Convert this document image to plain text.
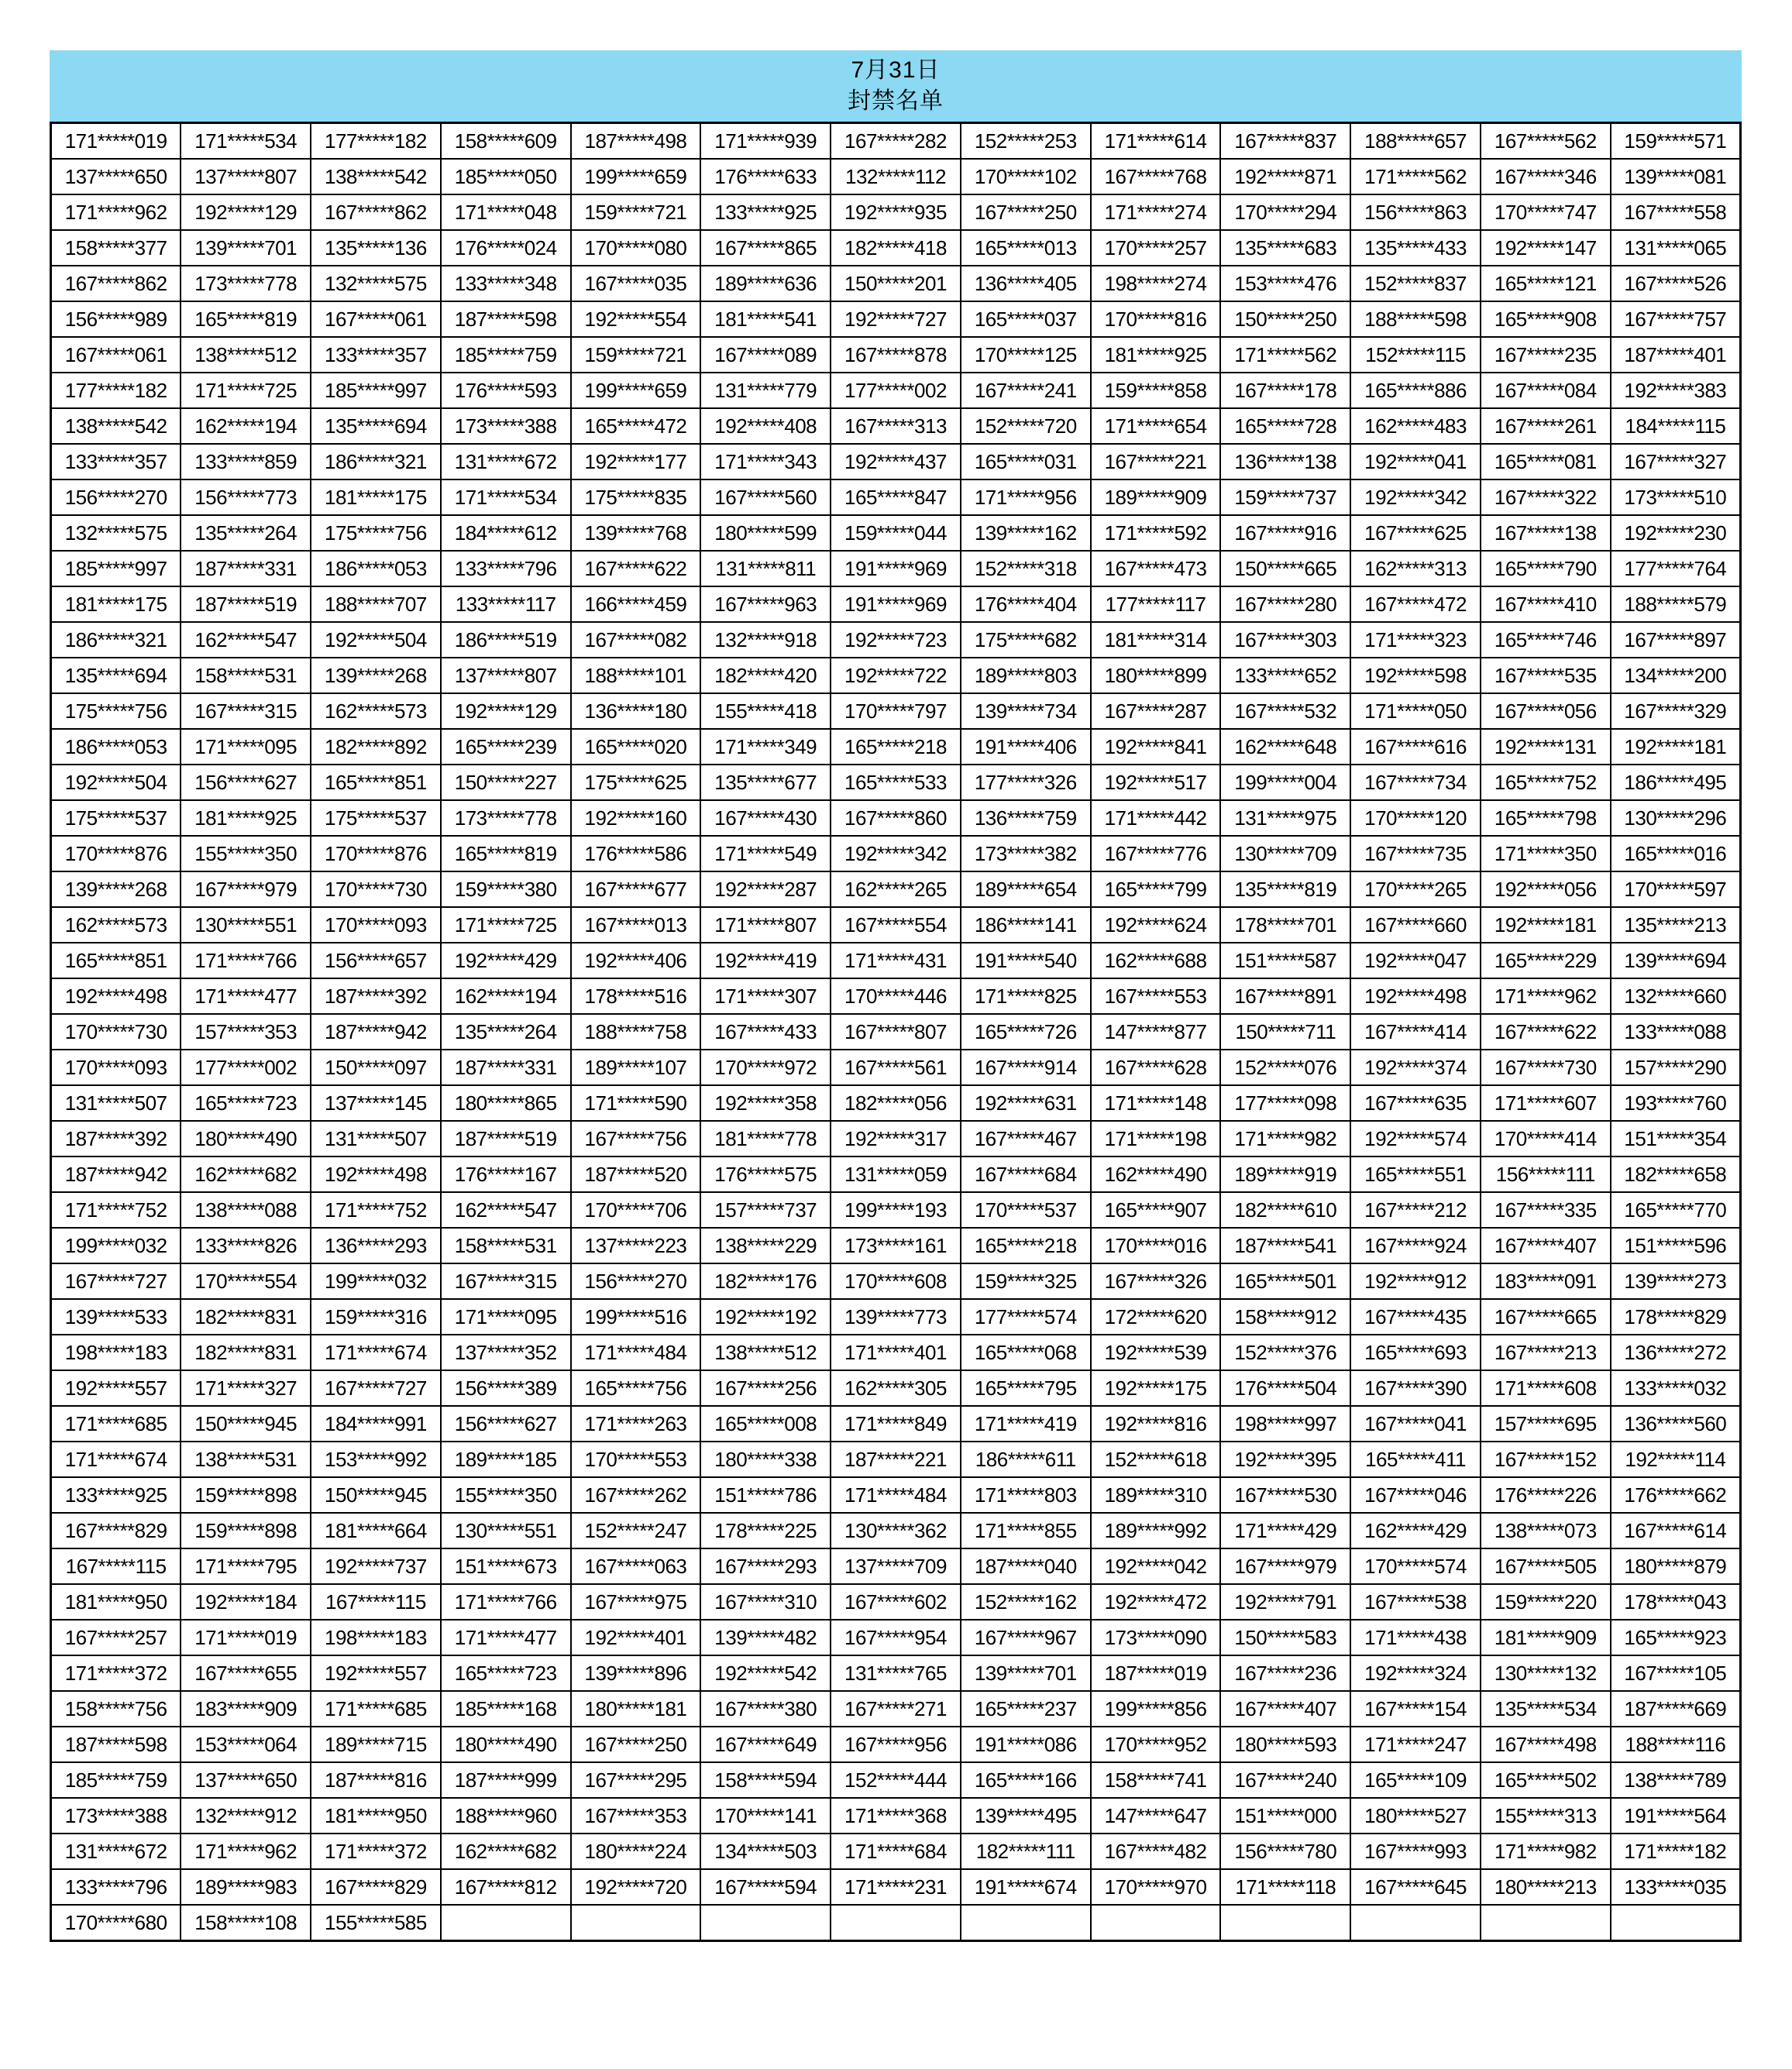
7月31日
封禁名单
171*****019	171*****534	177*****182	158*****609	187*****498	171*****939	167*****282	152*****253	171*****614	167*****837	188*****657	167*****562	159*****571
137*****650	137*****807	138*****542	185*****050	199*****659	176*****633	132*****112	170*****102	167*****768	192*****871	171*****562	167*****346	139*****081
171*****962	192*****129	167*****862	171*****048	159*****721	133*****925	192*****935	167*****250	171*****274	170*****294	156*****863	170*****747	167*****558
158*****377	139*****701	135*****136	176*****024	170*****080	167*****865	182*****418	165*****013	170*****257	135*****683	135*****433	192*****147	131*****065
167*****862	173*****778	132*****575	133*****348	167*****035	189*****636	150*****201	136*****405	198*****274	153*****476	152*****837	165*****121	167*****526
156*****989	165*****819	167*****061	187*****598	192*****554	181*****541	192*****727	165*****037	170*****816	150*****250	188*****598	165*****908	167*****757
167*****061	138*****512	133*****357	185*****759	159*****721	167*****089	167*****878	170*****125	181*****925	171*****562	152*****115	167*****235	187*****401
177*****182	171*****725	185*****997	176*****593	199*****659	131*****779	177*****002	167*****241	159*****858	167*****178	165*****886	167*****084	192*****383
138*****542	162*****194	135*****694	173*****388	165*****472	192*****408	167*****313	152*****720	171*****654	165*****728	162*****483	167*****261	184*****115
133*****357	133*****859	186*****321	131*****672	192*****177	171*****343	192*****437	165*****031	167*****221	136*****138	192*****041	165*****081	167*****327
156*****270	156*****773	181*****175	171*****534	175*****835	167*****560	165*****847	171*****956	189*****909	159*****737	192*****342	167*****322	173*****510
132*****575	135*****264	175*****756	184*****612	139*****768	180*****599	159*****044	139*****162	171*****592	167*****916	167*****625	167*****138	192*****230
185*****997	187*****331	186*****053	133*****796	167*****622	131*****811	191*****969	152*****318	167*****473	150*****665	162*****313	165*****790	177*****764
181*****175	187*****519	188*****707	133*****117	166*****459	167*****963	191*****969	176*****404	177*****117	167*****280	167*****472	167*****410	188*****579
186*****321	162*****547	192*****504	186*****519	167*****082	132*****918	192*****723	175*****682	181*****314	167*****303	171*****323	165*****746	167*****897
135*****694	158*****531	139*****268	137*****807	188*****101	182*****420	192*****722	189*****803	180*****899	133*****652	192*****598	167*****535	134*****200
175*****756	167*****315	162*****573	192*****129	136*****180	155*****418	170*****797	139*****734	167*****287	167*****532	171*****050	167*****056	167*****329
186*****053	171*****095	182*****892	165*****239	165*****020	171*****349	165*****218	191*****406	192*****841	162*****648	167*****616	192*****131	192*****181
192*****504	156*****627	165*****851	150*****227	175*****625	135*****677	165*****533	177*****326	192*****517	199*****004	167*****734	165*****752	186*****495
175*****537	181*****925	175*****537	173*****778	192*****160	167*****430	167*****860	136*****759	171*****442	131*****975	170*****120	165*****798	130*****296
170*****876	155*****350	170*****876	165*****819	176*****586	171*****549	192*****342	173*****382	167*****776	130*****709	167*****735	171*****350	165*****016
139*****268	167*****979	170*****730	159*****380	167*****677	192*****287	162*****265	189*****654	165*****799	135*****819	170*****265	192*****056	170*****597
162*****573	130*****551	170*****093	171*****725	167*****013	171*****807	167*****554	186*****141	192*****624	178*****701	167*****660	192*****181	135*****213
165*****851	171*****766	156*****657	192*****429	192*****406	192*****419	171*****431	191*****540	162*****688	151*****587	192*****047	165*****229	139*****694
192*****498	171*****477	187*****392	162*****194	178*****516	171*****307	170*****446	171*****825	167*****553	167*****891	192*****498	171*****962	132*****660
170*****730	157*****353	187*****942	135*****264	188*****758	167*****433	167*****807	165*****726	147*****877	150*****711	167*****414	167*****622	133*****088
170*****093	177*****002	150*****097	187*****331	189*****107	170*****972	167*****561	167*****914	167*****628	152*****076	192*****374	167*****730	157*****290
131*****507	165*****723	137*****145	180*****865	171*****590	192*****358	182*****056	192*****631	171*****148	177*****098	167*****635	171*****607	193*****760
187*****392	180*****490	131*****507	187*****519	167*****756	181*****778	192*****317	167*****467	171*****198	171*****982	192*****574	170*****414	151*****354
187*****942	162*****682	192*****498	176*****167	187*****520	176*****575	131*****059	167*****684	162*****490	189*****919	165*****551	156*****111	182*****658
171*****752	138*****088	171*****752	162*****547	170*****706	157*****737	199*****193	170*****537	165*****907	182*****610	167*****212	167*****335	165*****770
199*****032	133*****826	136*****293	158*****531	137*****223	138*****229	173*****161	165*****218	170*****016	187*****541	167*****924	167*****407	151*****596
167*****727	170*****554	199*****032	167*****315	156*****270	182*****176	170*****608	159*****325	167*****326	165*****501	192*****912	183*****091	139*****273
139*****533	182*****831	159*****316	171*****095	199*****516	192*****192	139*****773	177*****574	172*****620	158*****912	167*****435	167*****665	178*****829
198*****183	182*****831	171*****674	137*****352	171*****484	138*****512	171*****401	165*****068	192*****539	152*****376	165*****693	167*****213	136*****272
192*****557	171*****327	167*****727	156*****389	165*****756	167*****256	162*****305	165*****795	192*****175	176*****504	167*****390	171*****608	133*****032
171*****685	150*****945	184*****991	156*****627	171*****263	165*****008	171*****849	171*****419	192*****816	198*****997	167*****041	157*****695	136*****560
171*****674	138*****531	153*****992	189*****185	170*****553	180*****338	187*****221	186*****611	152*****618	192*****395	165*****411	167*****152	192*****114
133*****925	159*****898	150*****945	155*****350	167*****262	151*****786	171*****484	171*****803	189*****310	167*****530	167*****046	176*****226	176*****662
167*****829	159*****898	181*****664	130*****551	152*****247	178*****225	130*****362	171*****855	189*****992	171*****429	162*****429	138*****073	167*****614
167*****115	171*****795	192*****737	151*****673	167*****063	167*****293	137*****709	187*****040	192*****042	167*****979	170*****574	167*****505	180*****879
181*****950	192*****184	167*****115	171*****766	167*****975	167*****310	167*****602	152*****162	192*****472	192*****791	167*****538	159*****220	178*****043
167*****257	171*****019	198*****183	171*****477	192*****401	139*****482	167*****954	167*****967	173*****090	150*****583	171*****438	181*****909	165*****923
171*****372	167*****655	192*****557	165*****723	139*****896	192*****542	131*****765	139*****701	187*****019	167*****236	192*****324	130*****132	167*****105
158*****756	183*****909	171*****685	185*****168	180*****181	167*****380	167*****271	165*****237	199*****856	167*****407	167*****154	135*****534	187*****669
187*****598	153*****064	189*****715	180*****490	167*****250	167*****649	167*****956	191*****086	170*****952	180*****593	171*****247	167*****498	188*****116
185*****759	137*****650	187*****816	187*****999	167*****295	158*****594	152*****444	165*****166	158*****741	167*****240	165*****109	165*****502	138*****789
173*****388	132*****912	181*****950	188*****960	167*****353	170*****141	171*****368	139*****495	147*****647	151*****000	180*****527	155*****313	191*****564
131*****672	171*****962	171*****372	162*****682	180*****224	134*****503	171*****684	182*****111	167*****482	156*****780	167*****993	171*****982	171*****182
133*****796	189*****983	167*****829	167*****812	192*****720	167*****594	171*****231	191*****674	170*****970	171*****118	167*****645	180*****213	133*****035
170*****680	158*****108	155*****585										
